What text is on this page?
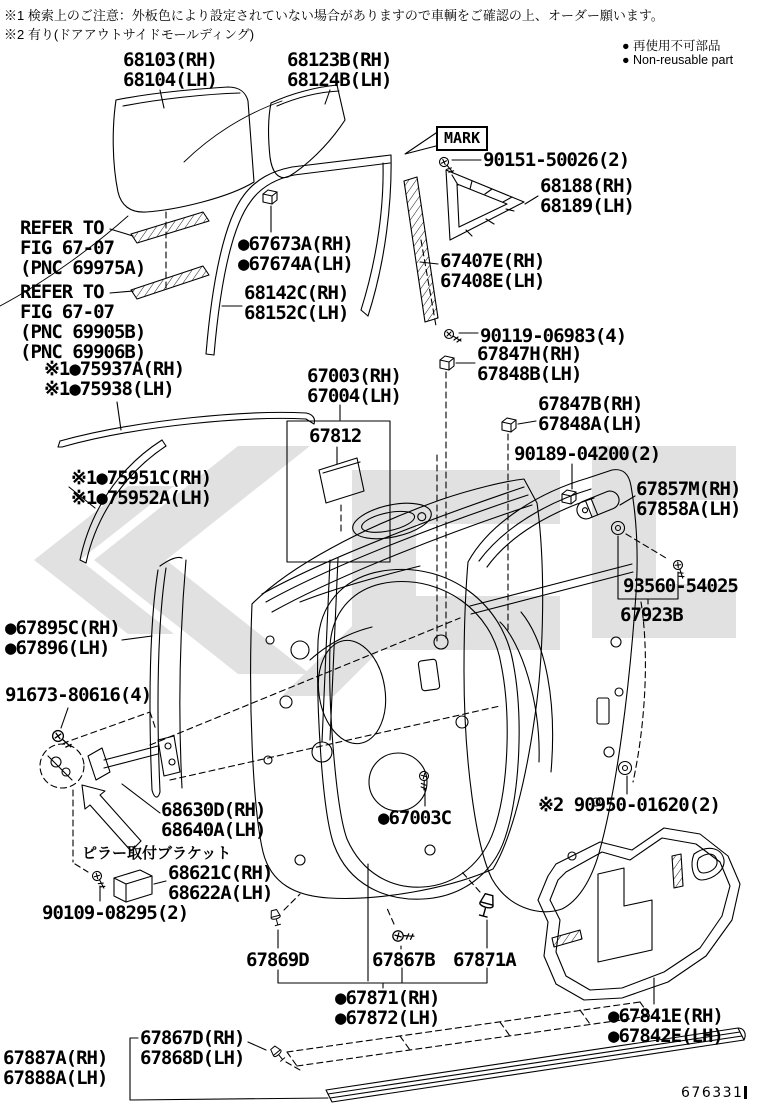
※1 検索上のご注意：外板色により設定されていない場合がありますので車輌をご確認の上、オーダー願います。
※2 有り(ドアアウトサイドモールディング)
● 再使用不可部品
● Non-reusable part
68103(RH)
68104(LH)
68123B(RH)
68124B(LH)
MARK
90151-50026(2)
68188(RH)
68189(LH)
REFER TO
FIG 67-07
(PNC 69975A)
●67673A(RH)
●67674A(LH)	67407E(RH)
67408E(LH)
REFER TO
FIG 67-07
(PNC 69905B)
(PNC 69906B)
68142C(RH)
68152C(LH)
90119-06983(4)
67847H(RH)
67848B(LH)
※1●75937A(RH)
※1●75938(LH)
67003(RH)
67004(LH)	67847B(RH)
67848A(LH)
67812
90189-04200(2)
※1●75951C(RH)
※1●75952A(LH)	67857M(RH)
67858A(LH)
93560-54025
67923B
●67895C(RH)
●67896(LH)
91673-80616(4)
68630D(RH)
68640A(LH)
ピラー取付ブラケット
68621C(RH)
68622A(LH)
90109-08295(2)
●67003C
※2 90950-01620(2)
67869D	67867B 67871A
●67871(RH)
●67872(LH)
67867D(RH)
67868D(LH)
67887A(RH)
67888A(LH)
●67841E(RH)
●67842E(LH)
676331
